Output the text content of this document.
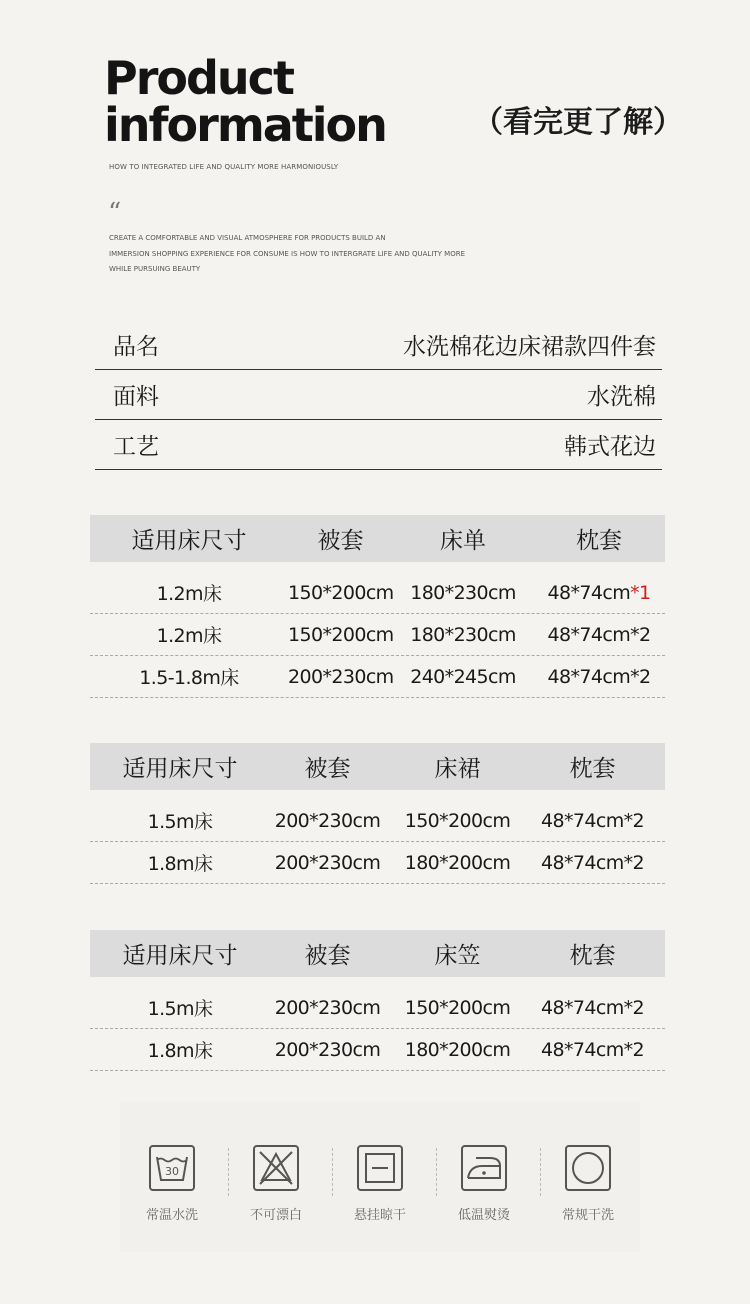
Product
information	（看完更了解）
HOW TO INTEGRATED LIFE AND QUALITY MORE HARMONIOUSLY
“
CREATE A COMFORTABLE AND VISUAL ATMOSPHERE FOR PRODUCTS BUILD AN
IMMERSION SHOPPING EXPERIENCE FOR CONSUME IS HOW TO INTERGRATE LIFE AND QUALITY MORE
WHILE PURSUING BEAUTY
品名	水洗棉花边床裙款四件套
面料	水洗棉
工艺	韩式花边
适用床尺寸	被套	床单	枕套
1.2m床	150*200cm 180*230cm	48*74cm*1
1.2m床	150*200cm 180*230cm	48*74cm*2
1.5-1.8m床	200*230cm 240*245cm	48*74cm*2
适用床尺寸	被套	床裙	枕套
1.5m床	200*230cm	150*200cm	48*74cm*2
1.8m床	200*230cm	180*200cm	48*74cm*2
适用床尺寸	被套	床笠	枕套
1.5m床	200*230cm	150*200cm	48*74cm*2
1.8m床	200*230cm	180*200cm	48*74cm*2
30
常温水洗	不可漂白	悬挂晾干	低温熨烫	常规干洗
